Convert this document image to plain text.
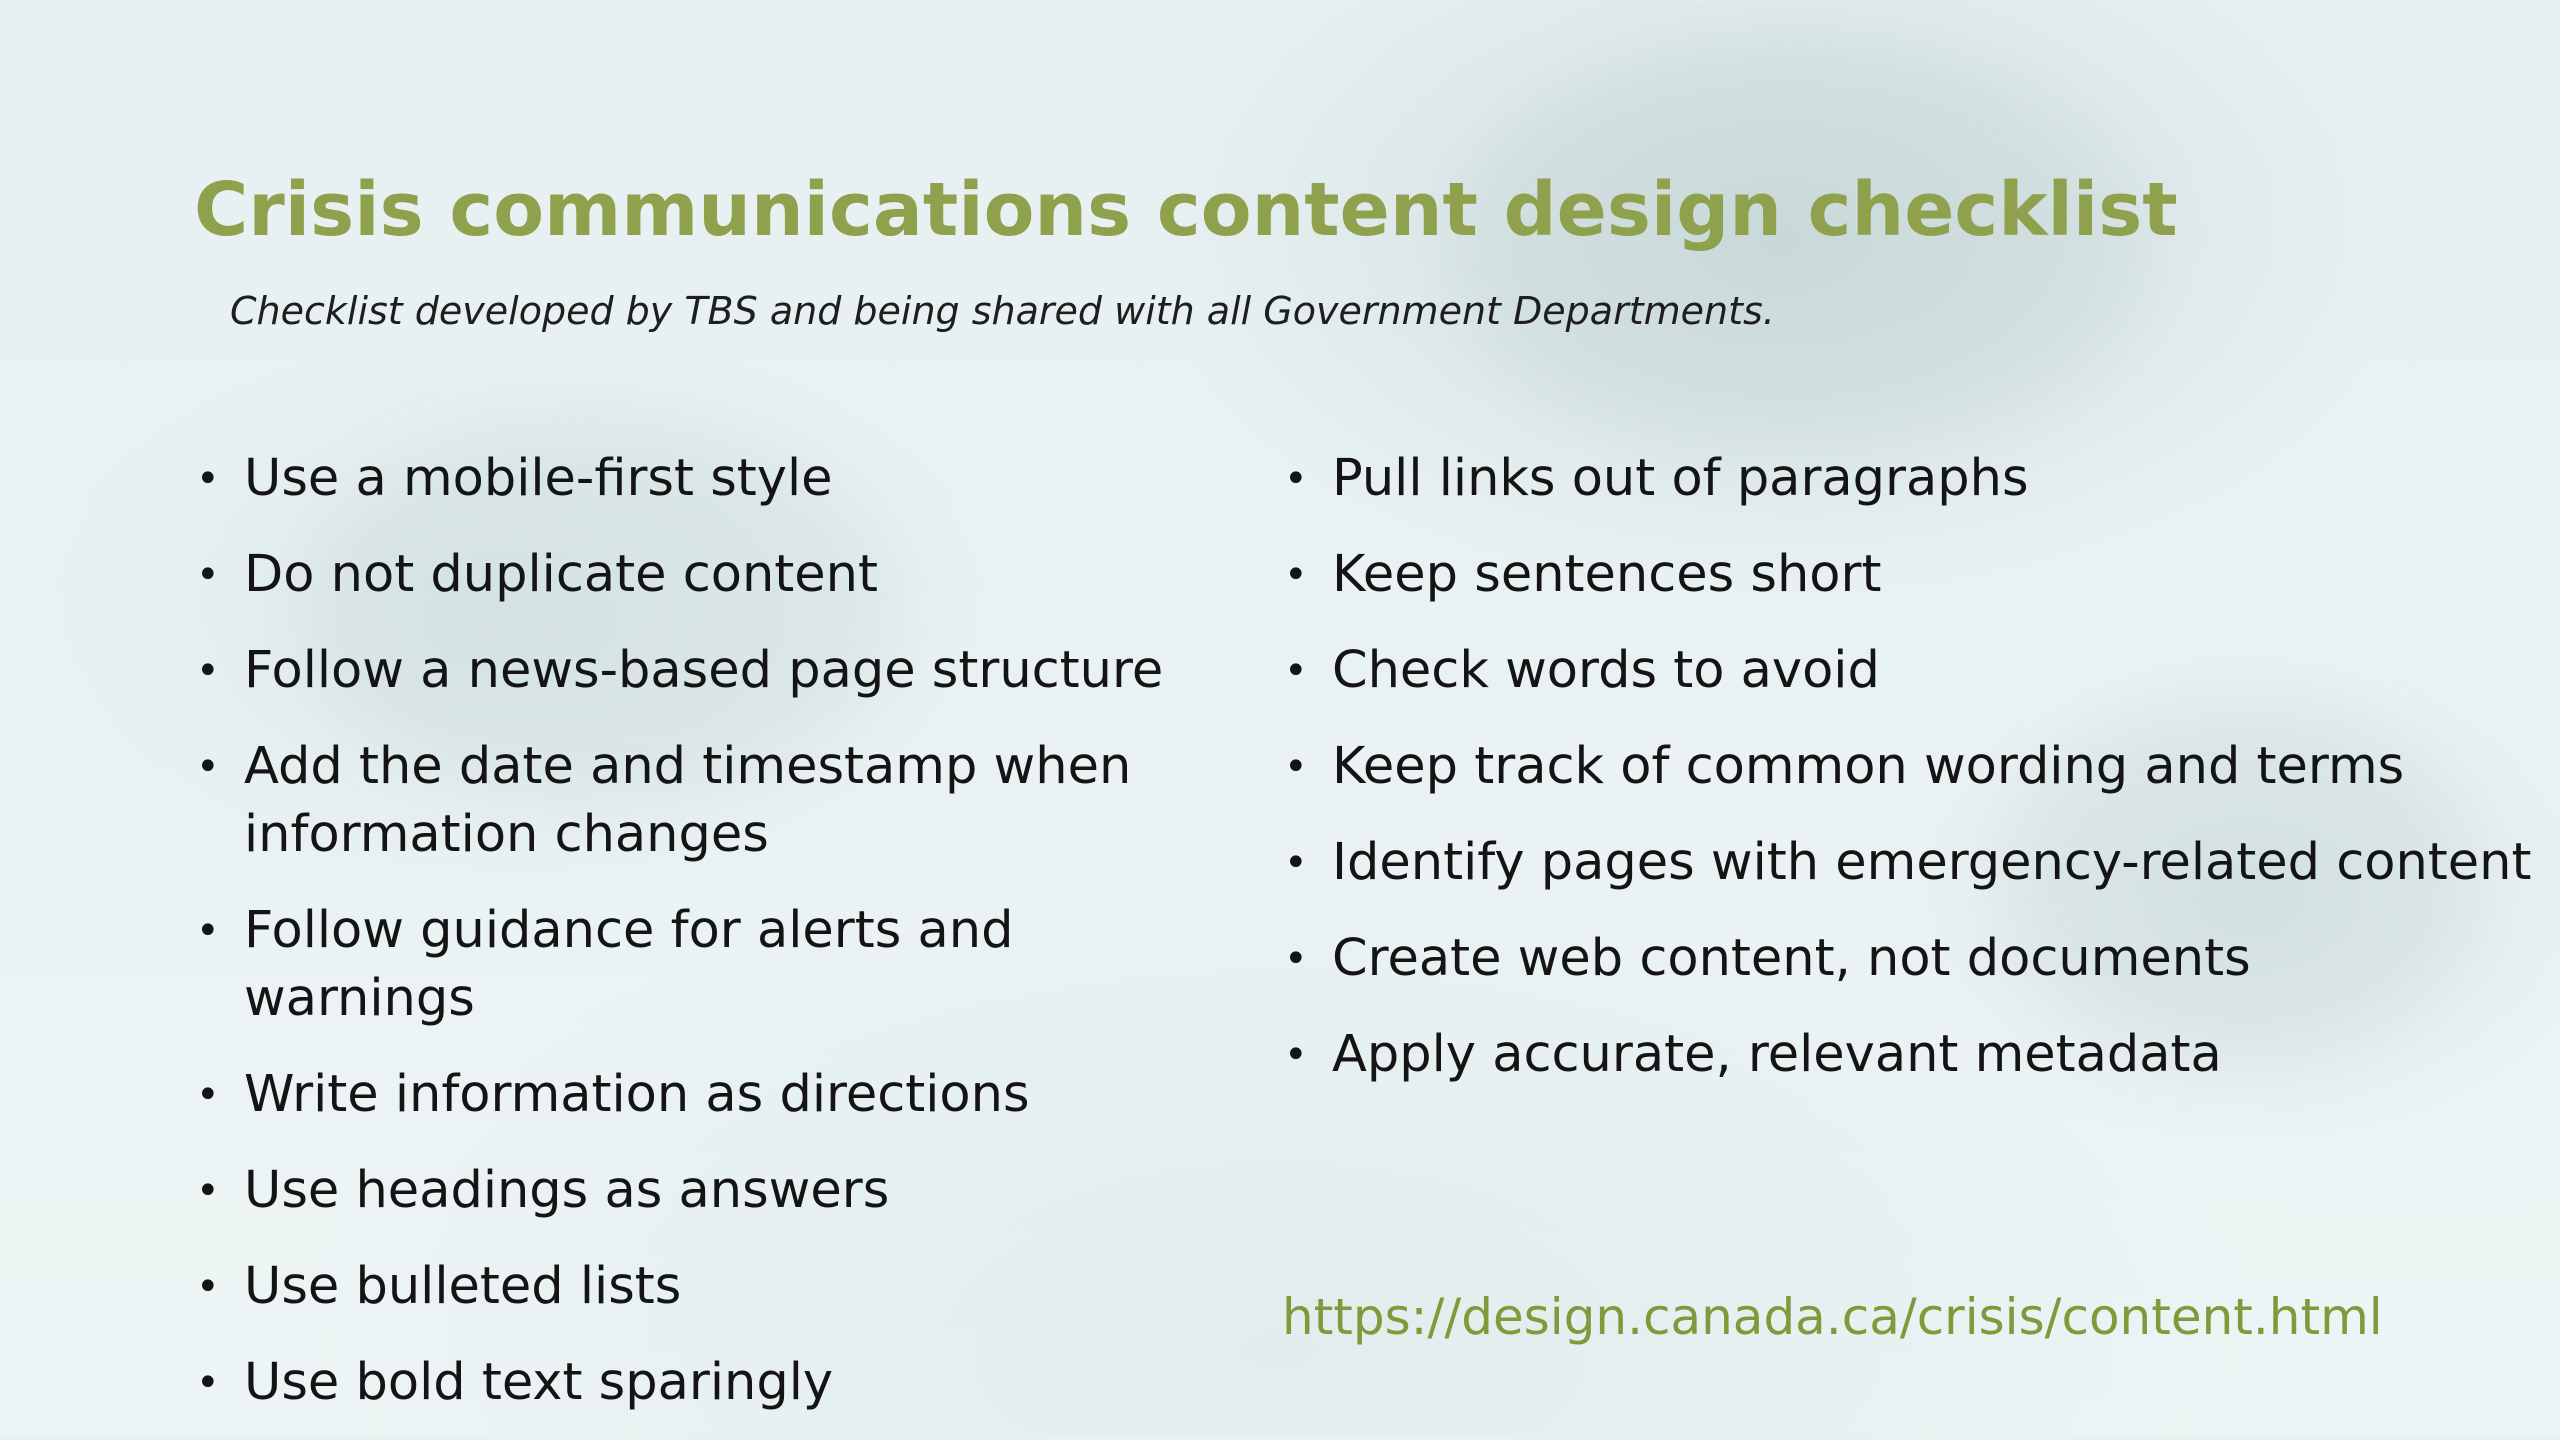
Crisis communications content design checklist

Checklist developed by TBS and being shared with all Government Departments.

• Use a mobile-first style
• Do not duplicate content
• Follow a news-based page structure
• Add the date and timestamp when information changes
• Follow guidance for alerts and warnings
• Write information as directions
• Use headings as answers
• Use bulleted lists
• Use bold text sparingly
• Pull links out of paragraphs
• Keep sentences short
• Check words to avoid
• Keep track of common wording and terms
• Identify pages with emergency-related content
• Create web content, not documents
• Apply accurate, relevant metadata
https://design.canada.ca/crisis/content.html
